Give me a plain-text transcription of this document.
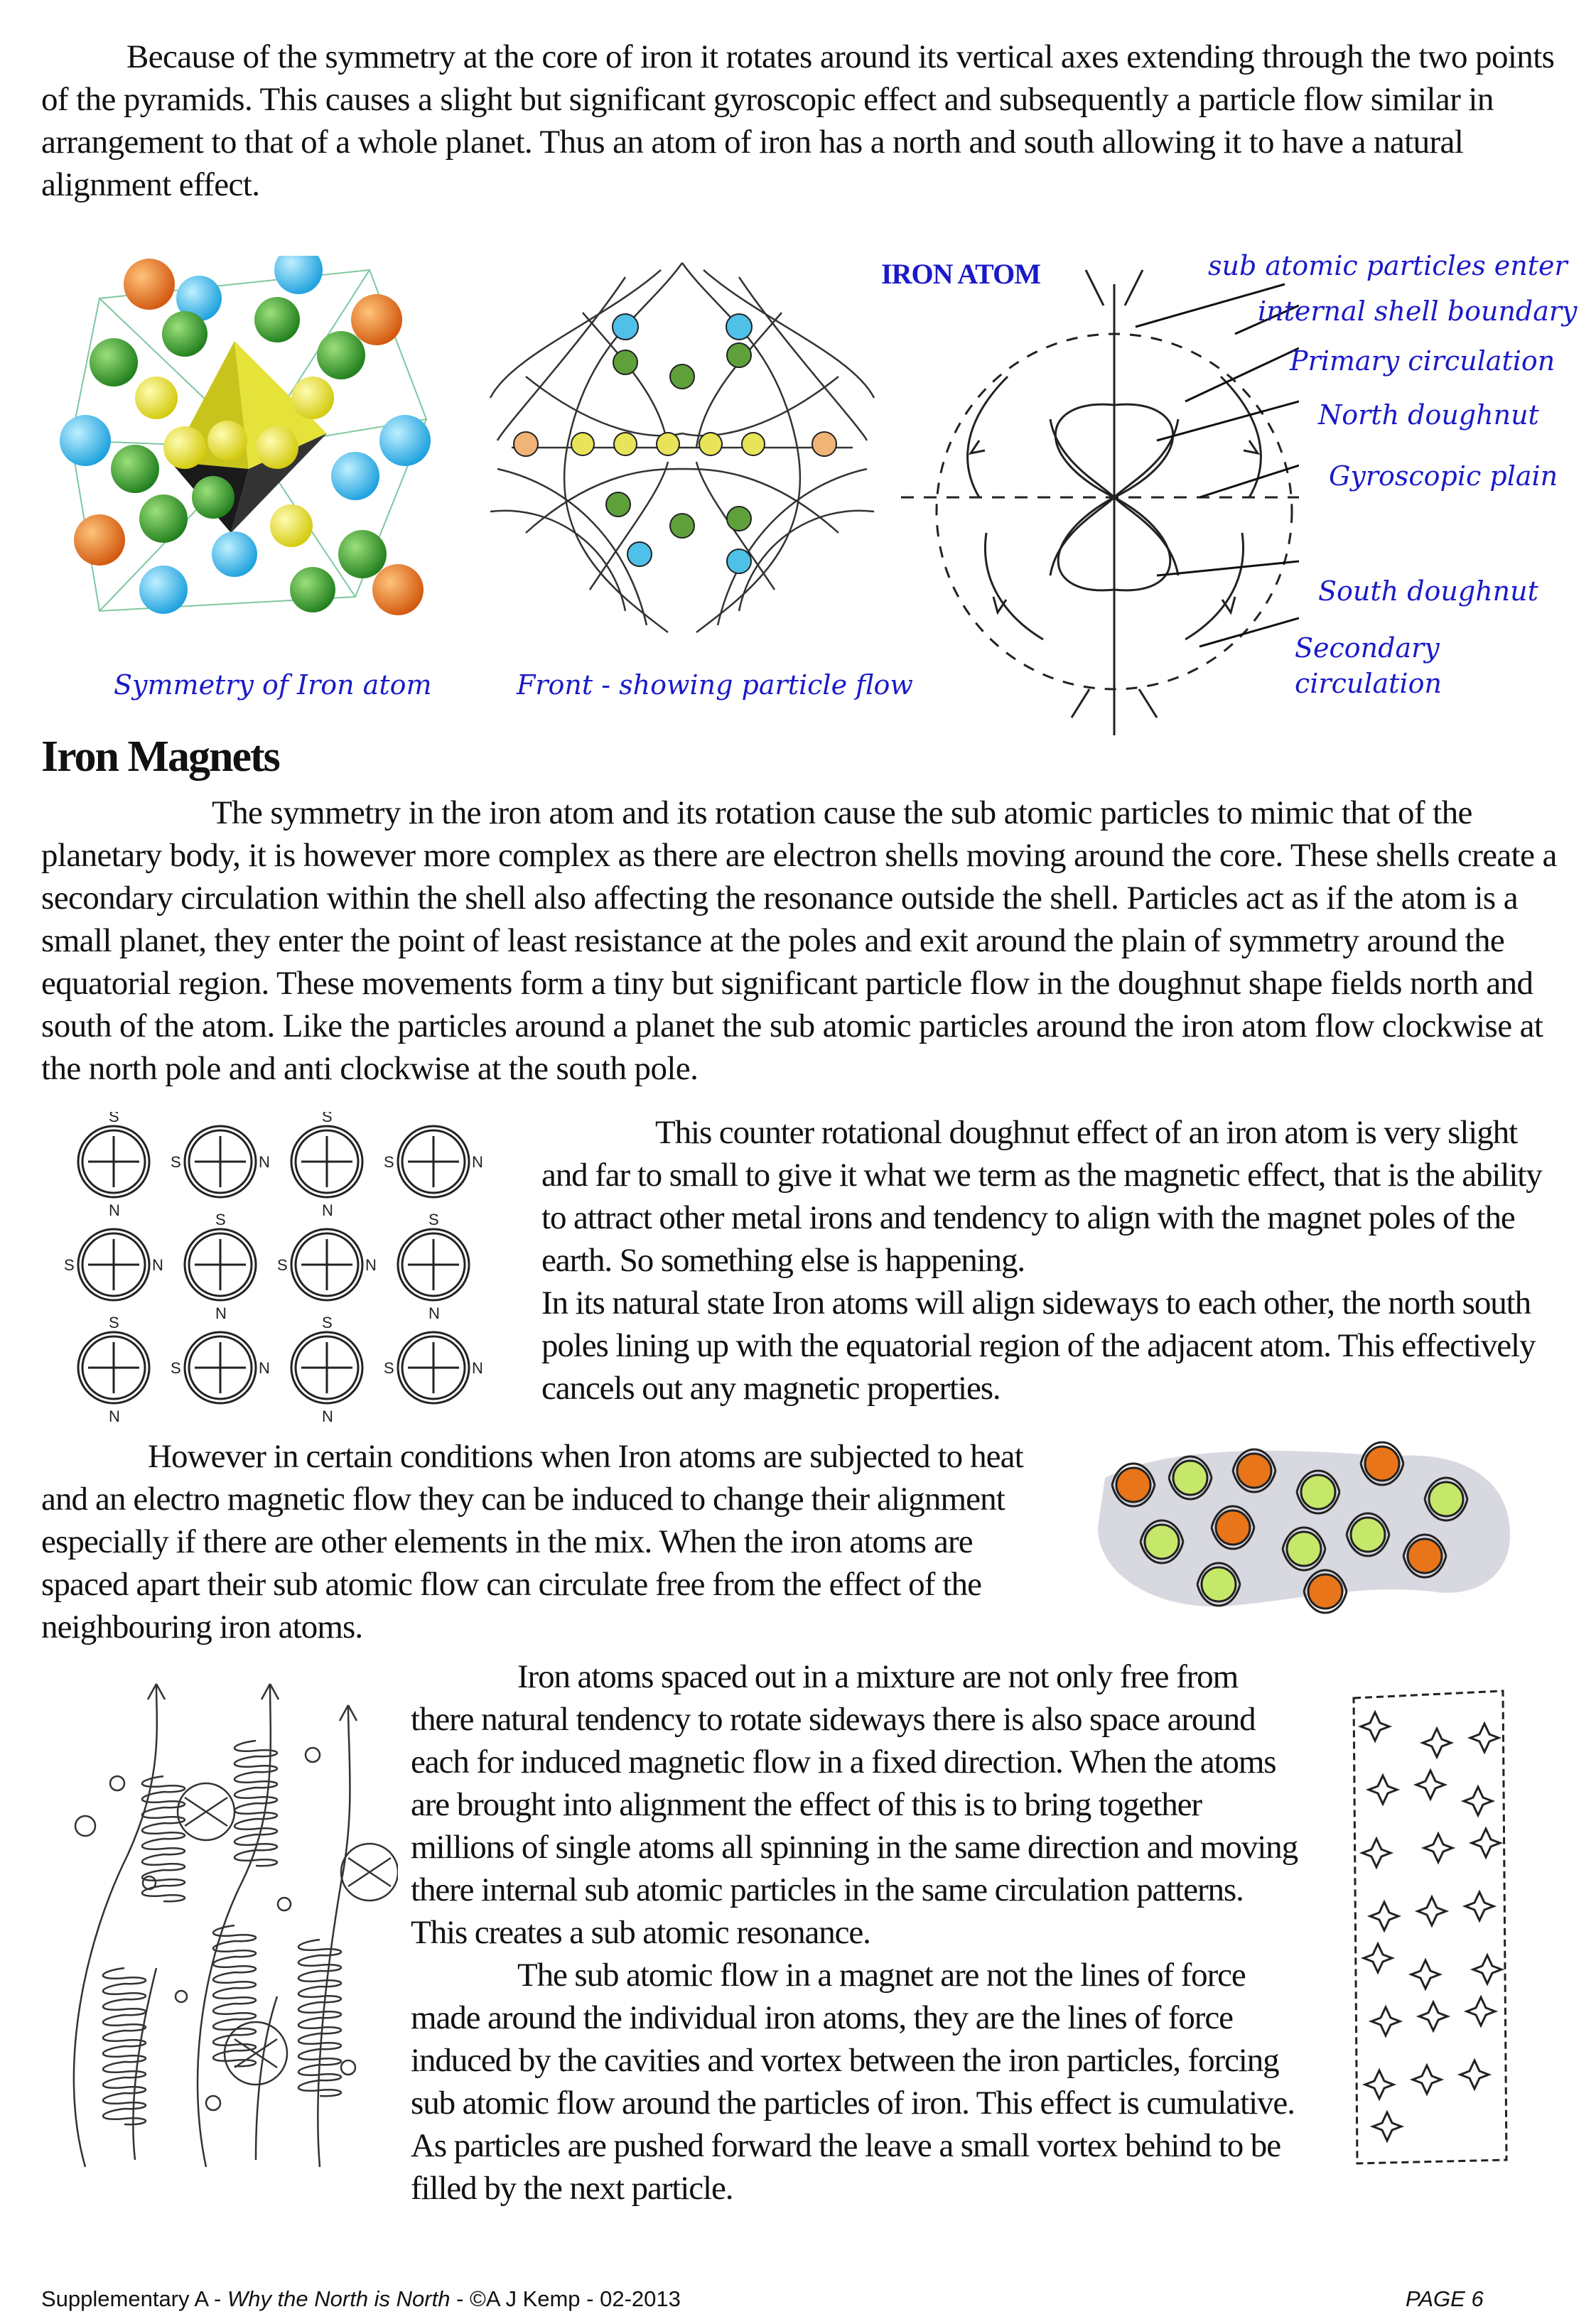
Because of the symmetry at the core of iron it rotates around its vertical axes extending through the two points of the pyramids. This causes a slight but significant gyroscopic effect and subsequently a particle flow similar in arrangement to that of a whole planet. Thus an atom of iron has a north and south allowing it to have a natural alignment effect.
Symmetry of Iron atom	Front - showing particle flow
IRON ATOM	sub atomic particles enter
internal shell boundary
Primary circulation
North doughnut
Gyroscopic plain
South doughnut
Secondary
circulation
Iron Magnets
The symmetry in the iron atom and its rotation cause the sub atomic particles to mimic that of the planetary body, it is however more complex as there are electron shells moving around the core. These shells create a secondary circulation within the shell also affecting the resonance outside the shell. Particles act as if the atom is a small planet, they enter the point of least resistance at the poles and exit around the plain of symmetry around the equatorial region. These movements form a tiny but significant particle flow in the doughnut shape fields north and south of the atom. Like the particles around a planet the sub atomic particles around the iron atom flow clockwise at the north pole and anti clockwise at the south pole.
S
N
N
S
S
N
N
S
N
S
S
N
N
S
S
N
S
N
N
S
S
N
N
S
This counter rotational doughnut effect of an iron atom is very slight and far to small to give it what we term as the magnetic effect, that is the ability to attract other metal irons and tendency to align with the magnet poles of the earth. So something else is happening.
In its natural state Iron atoms will align sideways to each other, the north south poles lining up with the equatorial region of the adjacent atom. This effectively cancels out any magnetic properties.
However in certain conditions when Iron atoms are subjected to heat and an electro magnetic flow they can be induced to change their alignment especially if there are other elements in the mix. When the iron atoms are spaced apart their sub atomic flow can circulate free from the effect of the neighbouring iron atoms.
Iron atoms spaced out in a mixture are not only free from there natural tendency to rotate sideways there is also space around each for induced magnetic flow in a fixed direction. When the atoms are brought into alignment the effect of this is to bring together millions of single atoms all spinning in the same direction and moving there internal sub atomic particles in the same circulation patterns. This creates a sub atomic resonance.
The sub atomic flow in a magnet are not the lines of force made around the individual iron atoms, they are the lines of force induced by the cavities and vortex between the iron particles, forcing sub atomic flow around the particles of iron. This effect is cumulative. As particles are pushed forward the leave a small vortex behind to be filled by the next particle.
Supplementary A - Why the North is North - ©A J Kemp - 02-2013	PAGE 6
